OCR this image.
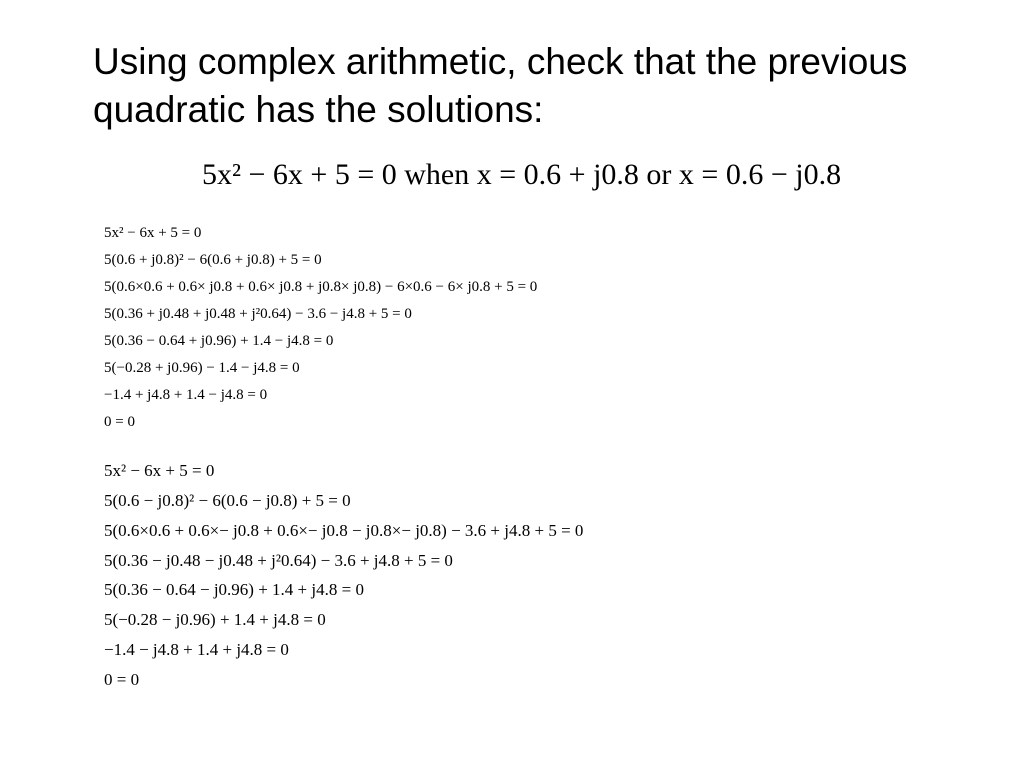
Using complex arithmetic, check that the previous quadratic has the solutions:
5x² − 6x + 5 = 0 when x = 0.6 + j0.8 or x = 0.6 − j0.8
5x² − 6x + 5 = 0
5(0.6 + j0.8)² − 6(0.6 + j0.8) + 5 = 0
5(0.6×0.6 + 0.6× j0.8 + 0.6× j0.8 + j0.8× j0.8) − 6×0.6 − 6× j0.8 + 5 = 0
5(0.36 + j0.48 + j0.48 + j²0.64) − 3.6 − j4.8 + 5 = 0
5(0.36 − 0.64 + j0.96) + 1.4 − j4.8 = 0
5(−0.28 + j0.96) − 1.4 − j4.8 = 0
−1.4 + j4.8 + 1.4 − j4.8 = 0
0 = 0
5x² − 6x + 5 = 0
5(0.6 − j0.8)² − 6(0.6 − j0.8) + 5 = 0
5(0.6×0.6 + 0.6×− j0.8 + 0.6×− j0.8 − j0.8×− j0.8) − 3.6 + j4.8 + 5 = 0
5(0.36 − j0.48 − j0.48 + j²0.64) − 3.6 + j4.8 + 5 = 0
5(0.36 − 0.64 − j0.96) + 1.4 + j4.8 = 0
5(−0.28 − j0.96) + 1.4 + j4.8 = 0
−1.4 − j4.8 + 1.4 + j4.8 = 0
0 = 0
